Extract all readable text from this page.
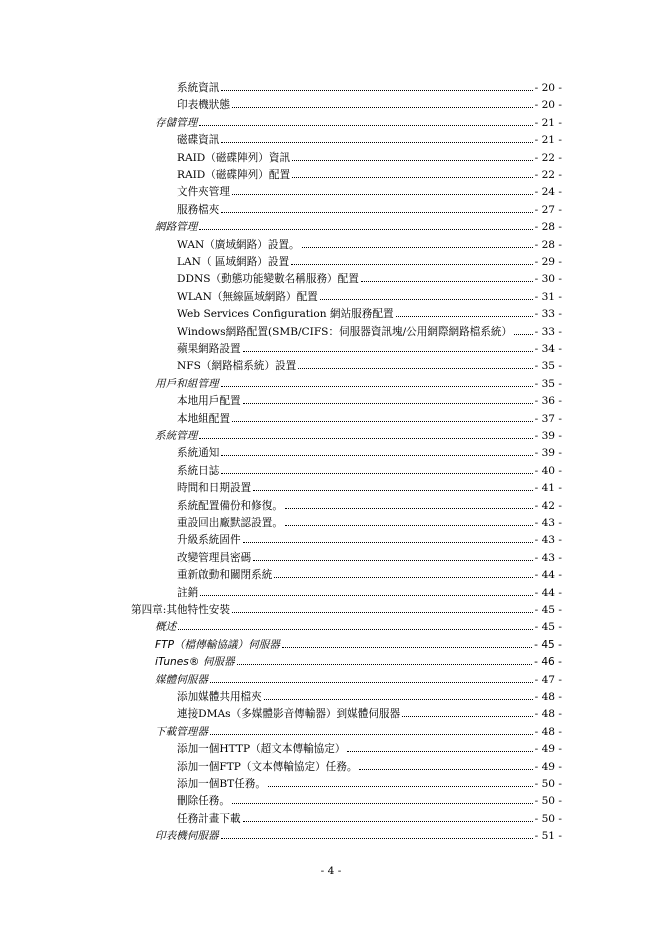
系統資訊	- 20 -
印表機狀態	- 20 -
存儲管理	- 21 -
磁碟資訊	- 21 -
RAID（磁碟陣列）資訊	- 22 -
RAID（磁碟陣列）配置	- 22 -
文件夾管理	- 24 -
服務檔夾	- 27 -
網路管理	- 28 -
WAN（廣域網路）設置。	- 28 -
LAN（ 區域網路）設置	- 29 -
DDNS（動態功能變數名稱服務）配置	- 30 -
WLAN（無線區域網路）配置	- 31 -
Web Services Configuration 網站服務配置	- 33 -
Windows網路配置(SMB/CIFS：伺服器資訊塊/公用網際網路檔系統） - 33 -
蘋果網路設置	- 34 -
NFS（網路檔系統）設置	- 35 -
用戶和組管理	- 35 -
本地用戶配置	- 36 -
本地組配置	- 37 -
系統管理	- 39 -
系統通知	- 39 -
系統日誌	- 40 -
時間和日期設置	- 41 -
系統配置備份和修復。	- 42 -
重設回出廠默認設置。	- 43 -
升級系統固件	- 43 -
改變管理員密碼	- 43 -
重新啟動和關閉系統	- 44 -
註銷	- 44 -
第四章:其他特性安裝	- 45 -
概述	- 45 -
FTP（檔傳輸協議）伺服器	- 45 -
iTunes® 伺服器	- 46 -
媒體伺服器	- 47 -
添加媒體共用檔夾	- 48 -
連接DMAs（多媒體影音傳輸器）到媒體伺服器	- 48 -
下載管理器	- 48 -
添加一個HTTP（超文本傳輸協定）	- 49 -
添加一個FTP（文本傳輸協定）任務。	- 49 -
添加一個BT任務。	- 50 -
刪除任務。	- 50 -
任務計畫下載	- 50 -
印表機伺服器	- 51 -
- 4 -
